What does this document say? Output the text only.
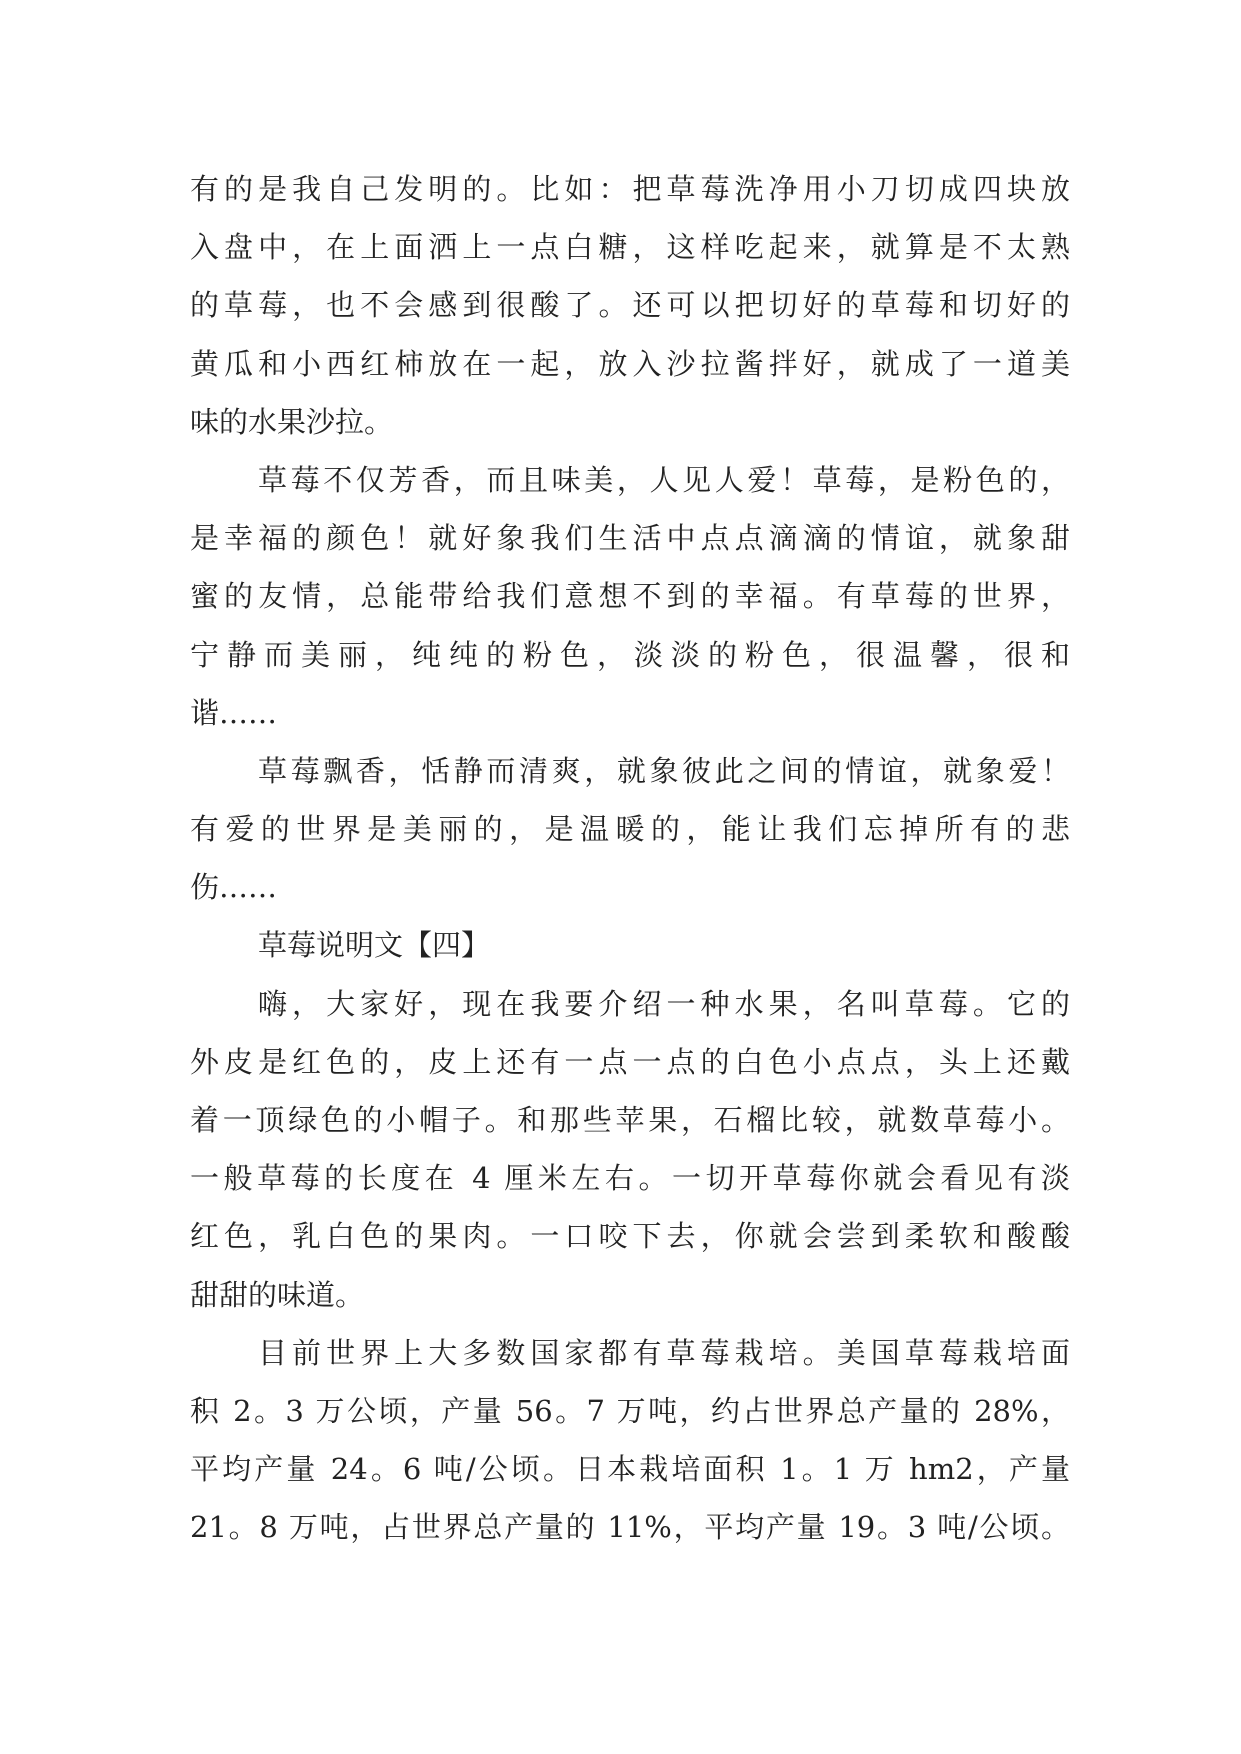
有的是我自己发明的。比如：把草莓洗净用小刀切成四块放
入盘中，在上面洒上一点白糖，这样吃起来，就算是不太熟
的草莓，也不会感到很酸了。还可以把切好的草莓和切好的
黄瓜和小西红柿放在一起，放入沙拉酱拌好，就成了一道美
味的水果沙拉。
草莓不仅芳香，而且味美，人见人爱！草莓，是粉色的，
是幸福的颜色！就好象我们生活中点点滴滴的情谊，就象甜
蜜的友情，总能带给我们意想不到的幸福。有草莓的世界，
宁静而美丽，纯纯的粉色，淡淡的粉色，很温馨，很和
谐……
草莓飘香，恬静而清爽，就象彼此之间的情谊，就象爱！
有爱的世界是美丽的，是温暖的，能让我们忘掉所有的悲
伤……
草莓说明文【四】
嗨，大家好，现在我要介绍一种水果，名叫草莓。它的
外皮是红色的，皮上还有一点一点的白色小点点，头上还戴
着一顶绿色的小帽子。和那些苹果，石榴比较，就数草莓小。
一般草莓的长度在 4 厘米左右。一切开草莓你就会看见有淡
红色，乳白色的果肉。一口咬下去，你就会尝到柔软和酸酸
甜甜的味道。
目前世界上大多数国家都有草莓栽培。美国草莓栽培面
积 2。3 万公顷，产量 56。7 万吨，约占世界总产量的 28%，
平均产量 24。6 吨/公顷。日本栽培面积 1。1 万 hm2，产量
21。8 万吨，占世界总产量的 11%，平均产量 19。3 吨/公顷。
